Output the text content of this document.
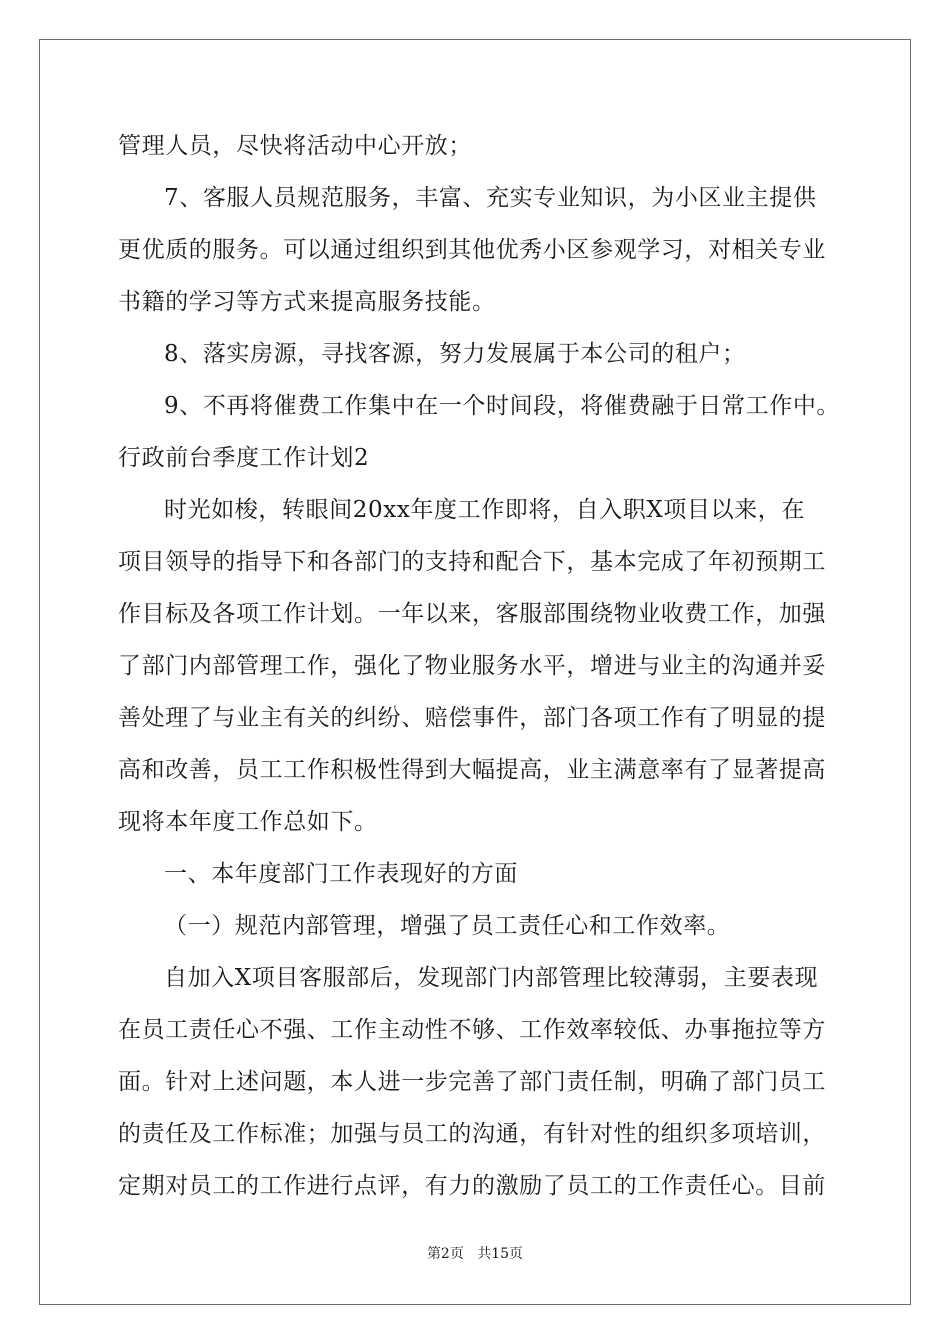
管理人员，尽快将活动中心开放；
7、客服人员规范服务，丰富、充实专业知识，为小区业主提供
更优质的服务。可以通过组织到其他优秀小区参观学习，对相关专业
书籍的学习等方式来提高服务技能。
8、落实房源，寻找客源，努力发展属于本公司的租户；
9、不再将催费工作集中在一个时间段，将催费融于日常工作中。
行政前台季度工作计划2
时光如梭，转眼间20xx年度工作即将，自入职X项目以来，在
项目领导的指导下和各部门的支持和配合下，基本完成了年初预期工
作目标及各项工作计划。一年以来，客服部围绕物业收费工作，加强
了部门内部管理工作，强化了物业服务水平，增进与业主的沟通并妥
善处理了与业主有关的纠纷、赔偿事件，部门各项工作有了明显的提
高和改善，员工工作积极性得到大幅提高，业主满意率有了显著提高
现将本年度工作总如下。
一、本年度部门工作表现好的方面
（一）规范内部管理，增强了员工责任心和工作效率。
自加入X项目客服部后，发现部门内部管理比较薄弱，主要表现
在员工责任心不强、工作主动性不够、工作效率较低、办事拖拉等方
面。针对上述问题，本人进一步完善了部门责任制，明确了部门员工
的责任及工作标准；加强与员工的沟通，有针对性的组织多项培训，
定期对员工的工作进行点评，有力的激励了员工的工作责任心。目前
第2页 共15页
